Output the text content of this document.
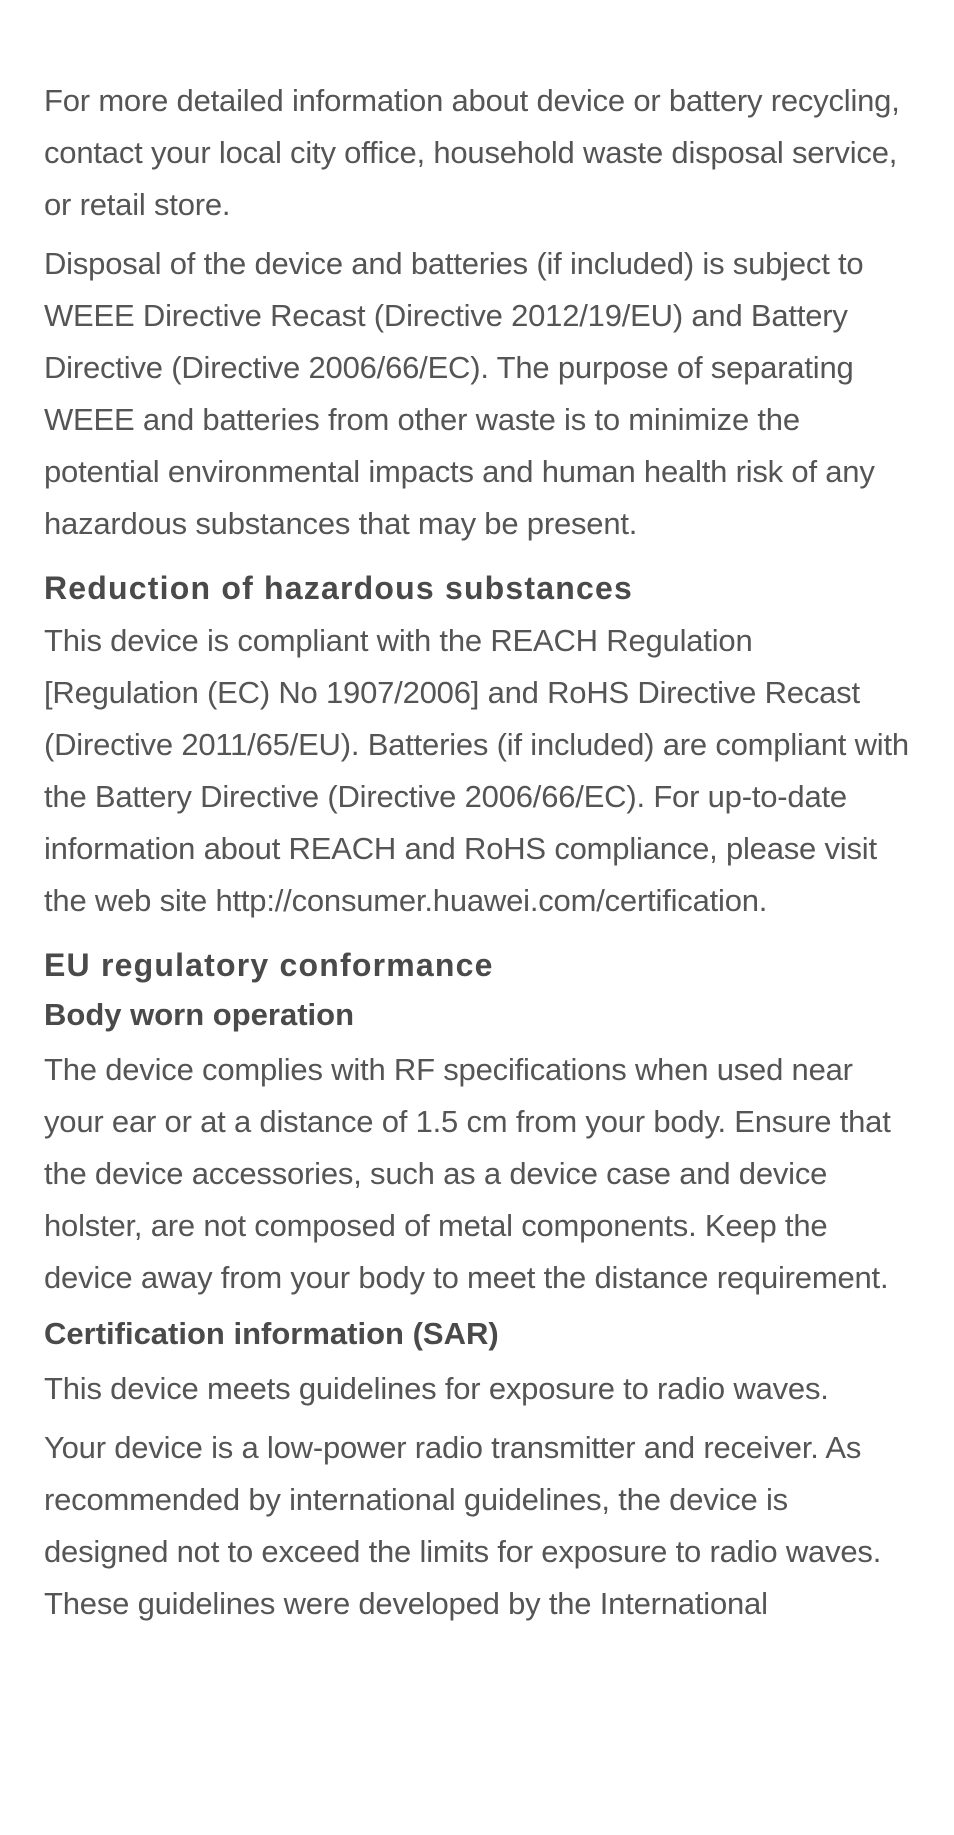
For more detailed information about device or battery recycling, contact your local city office, household waste disposal service, or retail store.

Disposal of the device and batteries (if included) is subject to WEEE Directive Recast (Directive 2012/19/EU) and Battery Directive (Directive 2006/66/EC). The purpose of separating WEEE and batteries from other waste is to minimize the potential environmental impacts and human health risk of any hazardous substances that may be present.

Reduction of hazardous substances

This device is compliant with the REACH Regulation [Regulation (EC) No 1907/2006] and RoHS Directive Recast (Directive 2011/65/EU). Batteries (if included) are compliant with the Battery Directive (Directive 2006/66/EC). For up-to-date information about REACH and RoHS compliance, please visit the web site http://consumer.huawei.com/certification.

EU regulatory conformance
Body worn operation

The device complies with RF specifications when used near your ear or at a distance of 1.5 cm from your body. Ensure that the device accessories, such as a device case and device holster, are not composed of metal components. Keep the device away from your body to meet the distance requirement.

Certification information (SAR)

This device meets guidelines for exposure to radio waves.

Your device is a low-power radio transmitter and receiver. As recommended by international guidelines, the device is designed not to exceed the limits for exposure to radio waves. These guidelines were developed by the International
